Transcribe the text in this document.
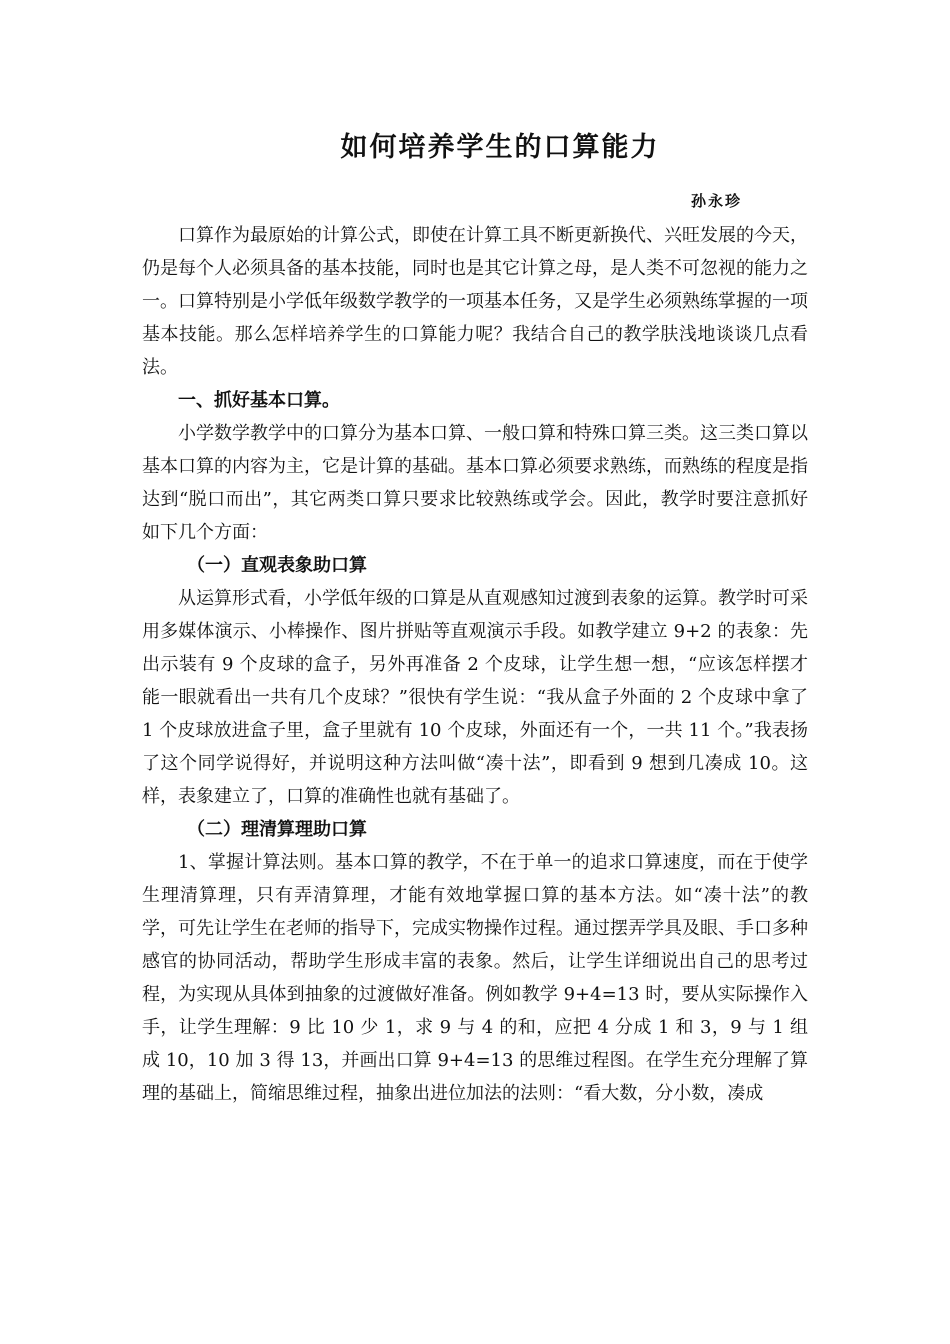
如何培养学生的口算能力
孙永珍

口算作为最原始的计算公式，即使在计算工具不断更新换代、兴旺发展的今天，仍是每个人必须具备的基本技能，同时也是其它计算之母，是人类不可忽视的能力之一。口算特别是小学低年级数学教学的一项基本任务，又是学生必须熟练掌握的一项基本技能。那么怎样培养学生的口算能力呢？我结合自己的教学肤浅地谈谈几点看法。

一、抓好基本口算。

小学数学教学中的口算分为基本口算、一般口算和特殊口算三类。这三类口算以基本口算的内容为主，它是计算的基础。基本口算必须要求熟练，而熟练的程度是指达到“脱口而出”，其它两类口算只要求比较熟练或学会。因此，教学时要注意抓好如下几个方面：

（一）直观表象助口算

从运算形式看，小学低年级的口算是从直观感知过渡到表象的运算。教学时可采用多媒体演示、小棒操作、图片拼贴等直观演示手段。如教学建立 9+2 的表象：先出示装有 9 个皮球的盒子，另外再准备 2 个皮球，让学生想一想，“应该怎样摆才能一眼就看出一共有几个皮球？”很快有学生说：“我从盒子外面的 2 个皮球中拿了 1 个皮球放进盒子里，盒子里就有 10 个皮球，外面还有一个，一共 11 个。”我表扬了这个同学说得好，并说明这种方法叫做“凑十法”，即看到 9 想到几凑成 10。这样，表象建立了，口算的准确性也就有基础了。

（二）理清算理助口算

1、掌握计算法则。基本口算的教学，不在于单一的追求口算速度，而在于使学生理清算理，只有弄清算理，才能有效地掌握口算的基本方法。如“凑十法”的教学，可先让学生在老师的指导下，完成实物操作过程。通过摆弄学具及眼、手口多种感官的协同活动，帮助学生形成丰富的表象。然后，让学生详细说出自己的思考过程，为实现从具体到抽象的过渡做好准备。例如教学 9+4=13 时，要从实际操作入手，让学生理解：9 比 10 少 1，求 9 与 4 的和，应把 4 分成 1 和 3，9 与 1 组成 10，10 加 3 得 13，并画出口算 9+4=13 的思维过程图。在学生充分理解了算理的基础上，简缩思维过程，抽象出进位加法的法则：“看大数，分小数，凑成
